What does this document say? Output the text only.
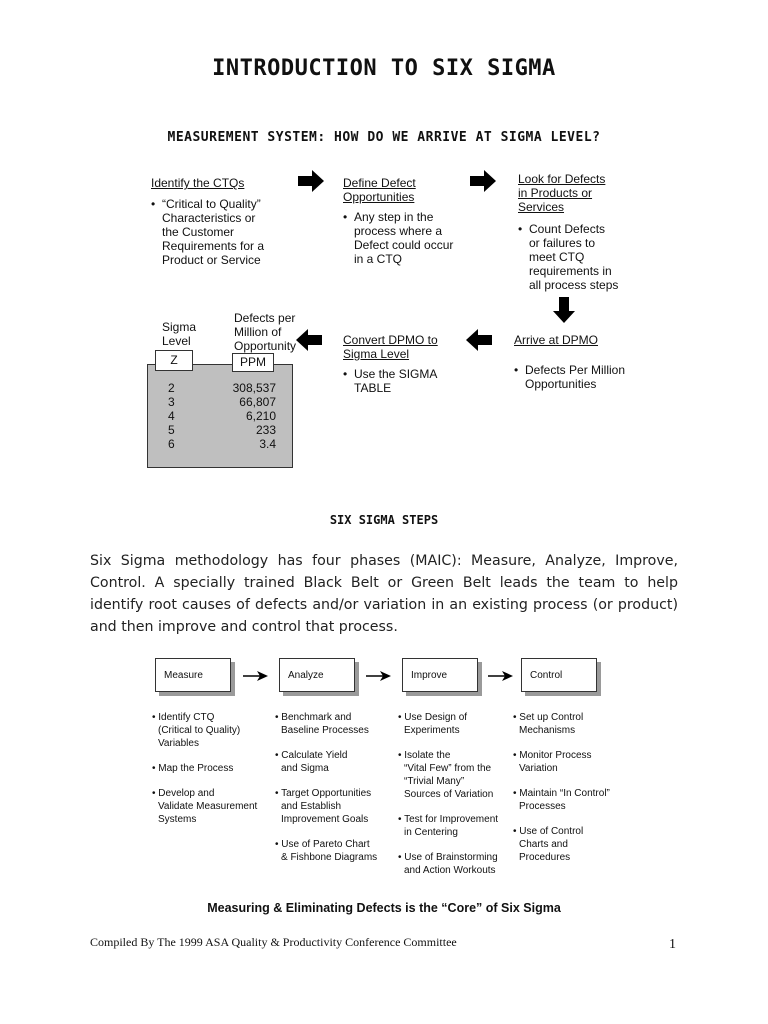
INTRODUCTION TO SIX SIGMA
MEASUREMENT SYSTEM: HOW DO WE ARRIVE AT SIGMA LEVEL?
Identify the CTQs
• “Critical to Quality”
Characteristics or
the Customer
Requirements for a
Product or Service
Define Defect
Opportunities
• Any step in the
process where a
Defect could occur
in a CTQ
Look for Defects
in Products or
Services
• Count Defects
or failures to
meet CTQ
requirements in
all process steps
Arrive at DPMO
• Defects Per Million
Opportunities
Convert DPMO to
Sigma Level
• Use the SIGMA
TABLE
Sigma
Level
Defects per
Million of
Opportunity
Z	PPM
2	308,537
3	66,807
4	6,210
5	233
6	3.4
SIX SIGMA STEPS
Six Sigma methodology has four phases (MAIC): Measure, Analyze, Improve, Control. A specially trained Black Belt or Green Belt leads the team to help identify root causes of defects and/or variation in an existing process (or product) and then improve and control that process.
Measure	Analyze	Improve	Control
• Identify CTQ
(Critical to Quality)
Variables
• Map the Process
• Develop and
Validate Measurement
Systems
• Benchmark and
Baseline Processes
• Calculate Yield
and Sigma
• Target Opportunities
and Establish
Improvement Goals
• Use of Pareto Chart
& Fishbone Diagrams
• Use Design of
Experiments
• Isolate the
“Vital Few” from the
“Trivial Many”
Sources of Variation
• Test for Improvement
in Centering
• Use of Brainstorming
and Action Workouts
• Set up Control
Mechanisms
• Monitor Process
Variation
• Maintain “In Control”
Processes
• Use of Control
Charts and
Procedures
Measuring & Eliminating Defects is the “Core” of Six Sigma
Compiled By The 1999 ASA Quality & Productivity Conference Committee	1
